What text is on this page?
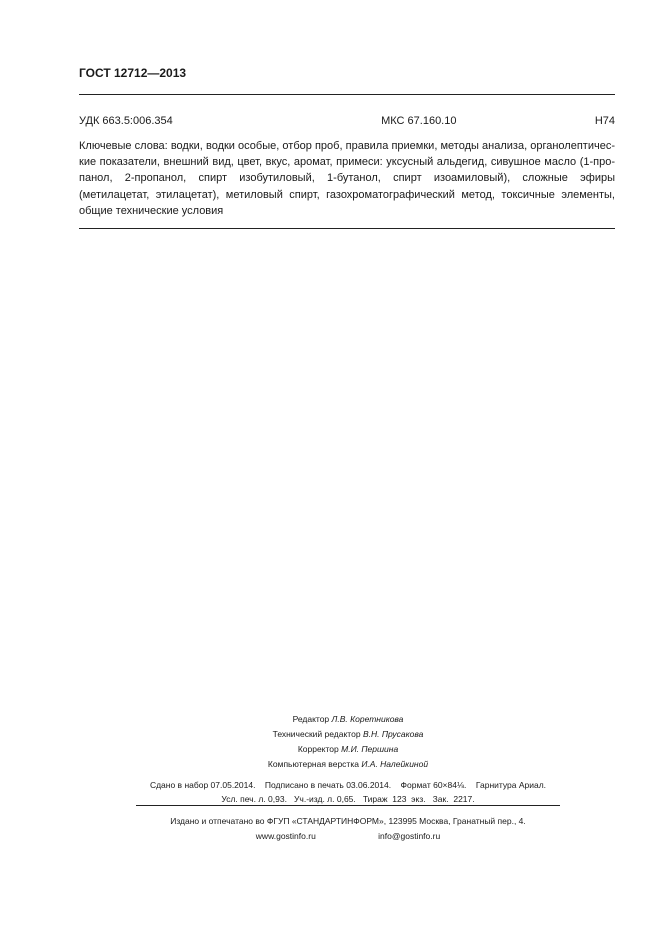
ГОСТ 12712—2013
УДК 663.5:006.354	МКС 67.160.10	Н74
Ключевые слова: водки, водки особые, отбор проб, правила приемки, методы анализа, органолептичес-
кие показатели, внешний вид, цвет, вкус, аромат, примеси: уксусный альдегид, сивушное масло (1-про-
панол, 2-пропанол, спирт изобутиловый, 1-бутанол, спирт изоамиловый), сложные эфиры
(метилацетат, этилацетат), метиловый спирт, газохроматографический метод, токсичные элементы,
общие технические условия
Редактор Л.В. Коретникова
Технический редактор В.Н. Прусакова
Корректор М.И. Першина
Компьютерная верстка И.А. Налейкиной
Сдано в набор 07.05.2014.    Подписано в печать 03.06.2014.    Формат 60×84⅛.    Гарнитура Ариал.
Усл. печ. л. 0,93.   Уч.-изд. л. 0,65.   Тираж  123  экз.   Зак.  2217.
Издано и отпечатано во ФГУП «СТАНДАРТИНФОРМ», 123995 Москва, Гранатный пер., 4.
www.gostinfo.ru	info@gostinfo.ru
